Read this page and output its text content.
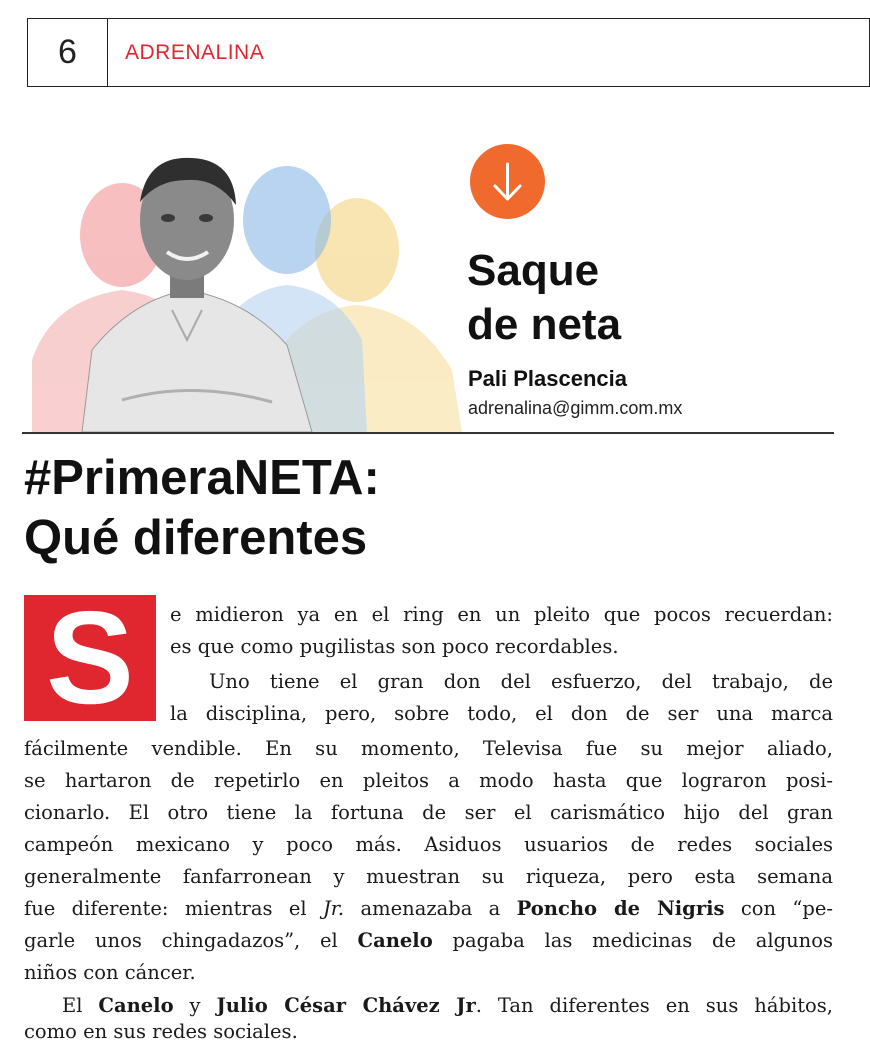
6	ADRENALINA
Saque
de neta
Pali Plascencia
adrenalina@gimm.com.mx
#PrimeraNETA:
Qué diferentes
S	e midieron ya en el ring en un pleito que pocos recuerdan:
es que como pugilistas son poco recordables.
Uno tiene el gran don del esfuerzo, del trabajo, de
la disciplina, pero, sobre todo, el don de ser una marca
fácilmente vendible. En su momento, Televisa fue su mejor aliado,
se hartaron de repetirlo en pleitos a modo hasta que lograron posi-
cionarlo. El otro tiene la fortuna de ser el carismático hijo del gran
campeón mexicano y poco más. Asiduos usuarios de redes sociales
generalmente fanfarronean y muestran su riqueza, pero esta semana
fue diferente: mientras el Jr. amenazaba a Poncho de Nigris con “pe-
garle unos chingadazos”, el Canelo pagaba las medicinas de algunos
niños con cáncer.
El Canelo y Julio César Chávez Jr. Tan diferentes en sus hábitos,
como en sus redes sociales.
